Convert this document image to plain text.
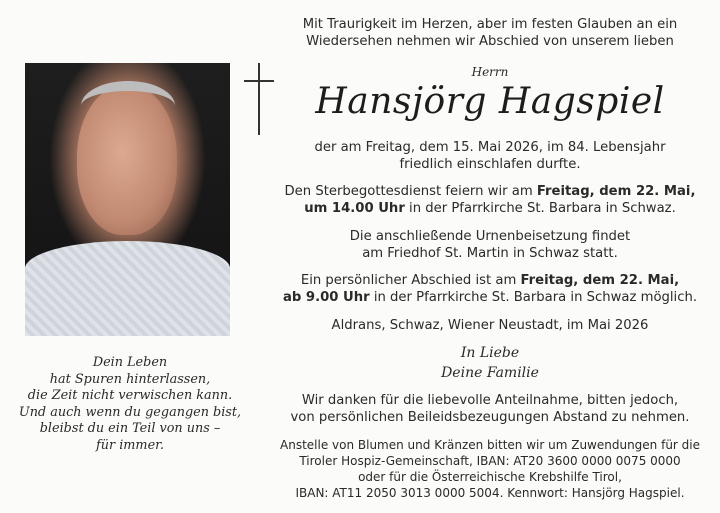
Mit Traurigkeit im Herzen, aber im festen Glauben an ein

Wiedersehen nehmen wir Abschied von unserem lieben

Herrn
Hansjörg Hagspiel

der am Freitag, dem 15. Mai 2026, im 84. Lebensjahr

friedlich einschlafen durfte.

Den Sterbegottesdienst feiern wir am Freitag, dem 22. Mai,

um 14.00 Uhr in der Pfarrkirche St. Barbara in Schwaz.

Die anschließende Urnenbeisetzung findet

am Friedhof St. Martin in Schwaz statt.

Ein persönlicher Abschied ist am Freitag, dem 22. Mai,

ab 9.00 Uhr in der Pfarrkirche St. Barbara in Schwaz möglich.

Aldrans, Schwaz, Wiener Neustadt, im Mai 2026

In Liebe

Deine Familie

Wir danken für die liebevolle Anteilnahme, bitten jedoch,

von persönlichen Beileidsbezeugungen Abstand zu nehmen.

Anstelle von Blumen und Kränzen bitten wir um Zuwendungen für die

Tiroler Hospiz-Gemeinschaft, IBAN: AT20 3600 0000 0075 0000

oder für die Österreichische Krebshilfe Tirol,

IBAN: AT11 2050 3013 0000 5004. Kennwort: Hansjörg Hagspiel.

Dein Leben
hat Spuren hinterlassen,
die Zeit nicht verwischen kann.
Und auch wenn du gegangen bist,
bleibst du ein Teil von uns –
für immer.
